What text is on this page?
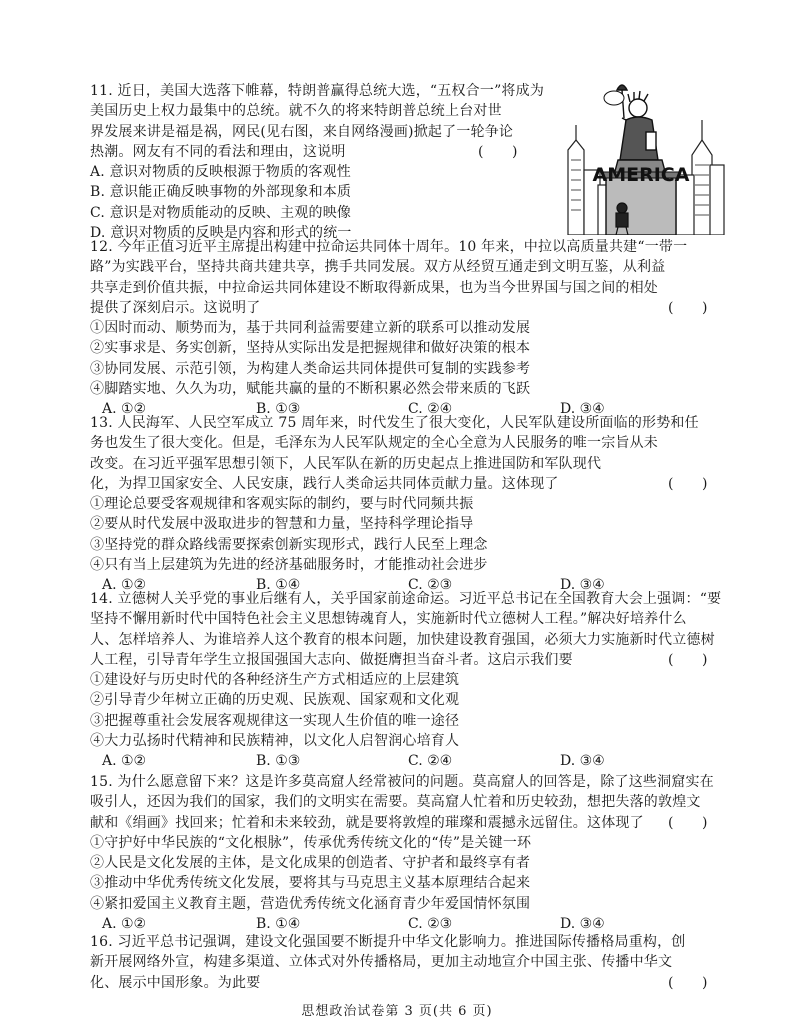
11. 近日，美国大选落下帷幕，特朗普赢得总统大选，“五权合一”将成为
美国历史上权力最集中的总统。就不久的将来特朗普总统上台对世
界发展来讲是福是祸，网民(见右图，来自网络漫画)掀起了一轮争论
热潮。网友有不同的看法和理由，这说明	(　　)
A. 意识对物质的反映根源于物质的客观性
B. 意识能正确反映事物的外部现象和本质
C. 意识是对物质能动的反映、主观的映像
D. 意识对物质的反映是内容和形式的统一
AMERICA
12. 今年正值习近平主席提出构建中拉命运共同体十周年。10 年来，中拉以高质量共建“一带一
路”为实践平台，坚持共商共建共享，携手共同发展。双方从经贸互通走到文明互鉴，从利益
共享走到价值共振，中拉命运共同体建设不断取得新成果，也为当今世界国与国之间的相处
提供了深刻启示。这说明了	(　　)
①因时而动、顺势而为，基于共同利益需要建立新的联系可以推动发展
②实事求是、务实创新，坚持从实际出发是把握规律和做好决策的根本
③协同发展、示范引领，为构建人类命运共同体提供可复制的实践参考
④脚踏实地、久久为功，赋能共赢的量的不断积累必然会带来质的飞跃
A. ①②	B. ①③	C. ②④	D. ③④
13. 人民海军、人民空军成立 75 周年来，时代发生了很大变化，人民军队建设所面临的形势和任
务也发生了很大变化。但是，毛泽东为人民军队规定的全心全意为人民服务的唯一宗旨从未
改变。在习近平强军思想引领下，人民军队在新的历史起点上推进国防和军队现代
化，为捍卫国家安全、人民安康，践行人类命运共同体贡献力量。这体现了	(　　)
①理论总要受客观规律和客观实际的制约，要与时代同频共振
②要从时代发展中汲取进步的智慧和力量，坚持科学理论指导
③坚持党的群众路线需要探索创新实现形式，践行人民至上理念
④只有当上层建筑为先进的经济基础服务时，才能推动社会进步
A. ①②	B. ①④	C. ②③	D. ③④
14. 立德树人关乎党的事业后继有人，关乎国家前途命运。习近平总书记在全国教育大会上强调：“要
坚持不懈用新时代中国特色社会主义思想铸魂育人，实施新时代立德树人工程。”解决好培养什么
人、怎样培养人、为谁培养人这个教育的根本问题，加快建设教育强国，必须大力实施新时代立德树
人工程，引导青年学生立报国强国大志向、做挺膺担当奋斗者。这启示我们要	(　　)
①建设好与历史时代的各种经济生产方式相适应的上层建筑
②引导青少年树立正确的历史观、民族观、国家观和文化观
③把握尊重社会发展客观规律这一实现人生价值的唯一途径
④大力弘扬时代精神和民族精神，以文化人启智润心培育人
A. ①②	B. ①③	C. ②④	D. ③④
15. 为什么愿意留下来？这是许多莫高窟人经常被问的问题。莫高窟人的回答是，除了这些洞窟实在
吸引人，还因为我们的国家，我们的文明实在需要。莫高窟人忙着和历史较劲，想把失落的敦煌文
献和《绢画》找回来；忙着和未来较劲，就是要将敦煌的璀璨和震撼永远留住。这体现了 (　　)
①守护好中华民族的“文化根脉”，传承优秀传统文化的“传”是关键一环
②人民是文化发展的主体，是文化成果的创造者、守护者和最终享有者
③推动中华优秀传统文化发展，要将其与马克思主义基本原理结合起来
④紧扣爱国主义教育主题，营造优秀传统文化涵育青少年爱国情怀氛围
A. ①②	B. ①④	C. ②③	D. ③④
16. 习近平总书记强调，建设文化强国要不断提升中华文化影响力。推进国际传播格局重构，创
新开展网络外宣，构建多渠道、立体式对外传播格局，更加主动地宣介中国主张、传播中华文
化、展示中国形象。为此要	(　　)
思想政治试卷第 3 页(共 6 页)
